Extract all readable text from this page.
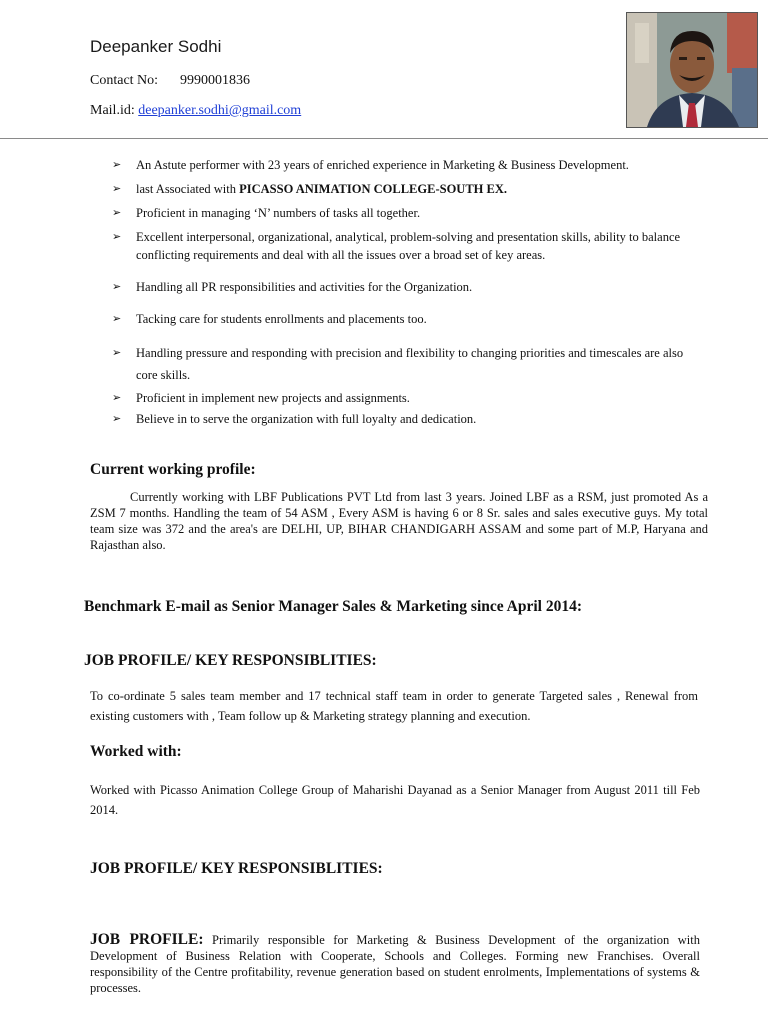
Deepanker Sodhi
Contact No: 9990001836
Mail.id: deepanker.sodhi@gmail.com
➢ An Astute performer with 23 years of enriched experience in Marketing & Business Development.
➢ last Associated with PICASSO ANIMATION COLLEGE-SOUTH EX.
➢ Proficient in managing ‘N’ numbers of tasks all together.
➢ Excellent interpersonal, organizational, analytical, problem-solving and presentation skills, ability to balance conflicting requirements and deal with all the issues over a broad set of key areas.
➢ Handling all PR responsibilities and activities for the Organization.
➢ Tacking care for students enrollments and placements too.
➢ Handling pressure and responding with precision and flexibility to changing priorities and timescales are also core skills.
➢ Proficient in implement new projects and assignments.
➢ Believe in to serve the organization with full loyalty and dedication.
Current working profile:
Currently working with LBF Publications PVT Ltd from last 3 years. Joined LBF as a RSM, just promoted As a ZSM 7 months. Handling the team of 54 ASM , Every ASM is having 6 or 8 Sr. sales and sales executive guys. My total team size was 372 and the area's are DELHI, UP, BIHAR CHANDIGARH ASSAM and some part of M.P, Haryana and Rajasthan also.
Benchmark E-mail as Senior Manager Sales & Marketing since April 2014:
JOB PROFILE/ KEY RESPONSIBLITIES:
To co-ordinate 5 sales team member and 17 technical staff team in order to generate Targeted sales , Renewal from existing customers with , Team follow up & Marketing strategy planning and execution.
Worked with:
Worked with Picasso Animation College Group of Maharishi Dayanad as a Senior Manager from August 2011 till Feb 2014.
JOB PROFILE/ KEY RESPONSIBLITIES:
JOB PROFILE: Primarily responsible for Marketing & Business Development of the organization with Development of Business Relation with Cooperate, Schools and Colleges. Forming new Franchises. Overall responsibility of the Centre profitability, revenue generation based on student enrolments, Implementations of systems & processes.
